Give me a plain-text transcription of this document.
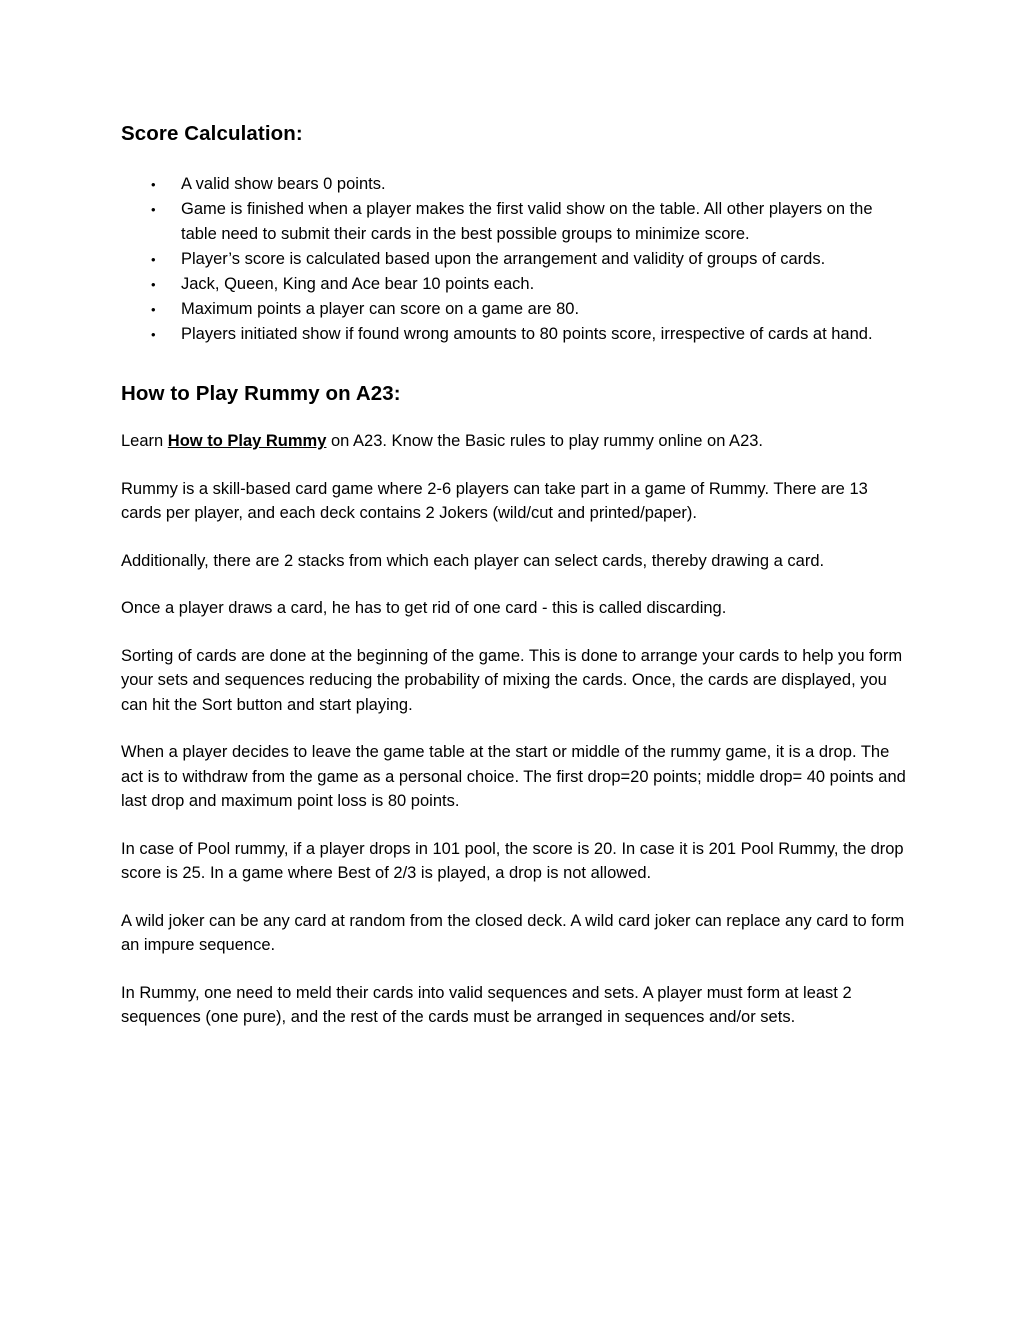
Score Calculation:
•	A valid show bears 0 points.
•	Game is finished when a player makes the first valid show on the table. All other players on the table need to submit their cards in the best possible groups to minimize score.
•	Player’s score is calculated based upon the arrangement and validity of groups of cards.
•	Jack, Queen, King and Ace bear 10 points each.
•	Maximum points a player can score on a game are 80.
•	Players initiated show if found wrong amounts to 80 points score, irrespective of cards at hand.
How to Play Rummy on A23:

Learn How to Play Rummy on A23. Know the Basic rules to play rummy online on A23.

Rummy is a skill-based card game where 2-6 players can take part in a game of Rummy. There are 13 cards per player, and each deck contains 2 Jokers (wild/cut and printed/paper).

Additionally, there are 2 stacks from which each player can select cards, thereby drawing a card.

Once a player draws a card, he has to get rid of one card - this is called discarding.

Sorting of cards are done at the beginning of the game. This is done to arrange your cards to help you form your sets and sequences reducing the probability of mixing the cards. Once, the cards are displayed, you can hit the Sort button and start playing.

When a player decides to leave the game table at the start or middle of the rummy game, it is a drop. The act is to withdraw from the game as a personal choice. The first drop=20 points; middle drop= 40 points and last drop and maximum point loss is 80 points.

In case of Pool rummy, if a player drops in 101 pool, the score is 20. In case it is 201 Pool Rummy, the drop score is 25. In a game where Best of 2/3 is played, a drop is not allowed.

A wild joker can be any card at random from the closed deck. A wild card joker can replace any card to form an impure sequence.

In Rummy, one need to meld their cards into valid sequences and sets. A player must form at least 2 sequences (one pure), and the rest of the cards must be arranged in sequences and/or sets.
